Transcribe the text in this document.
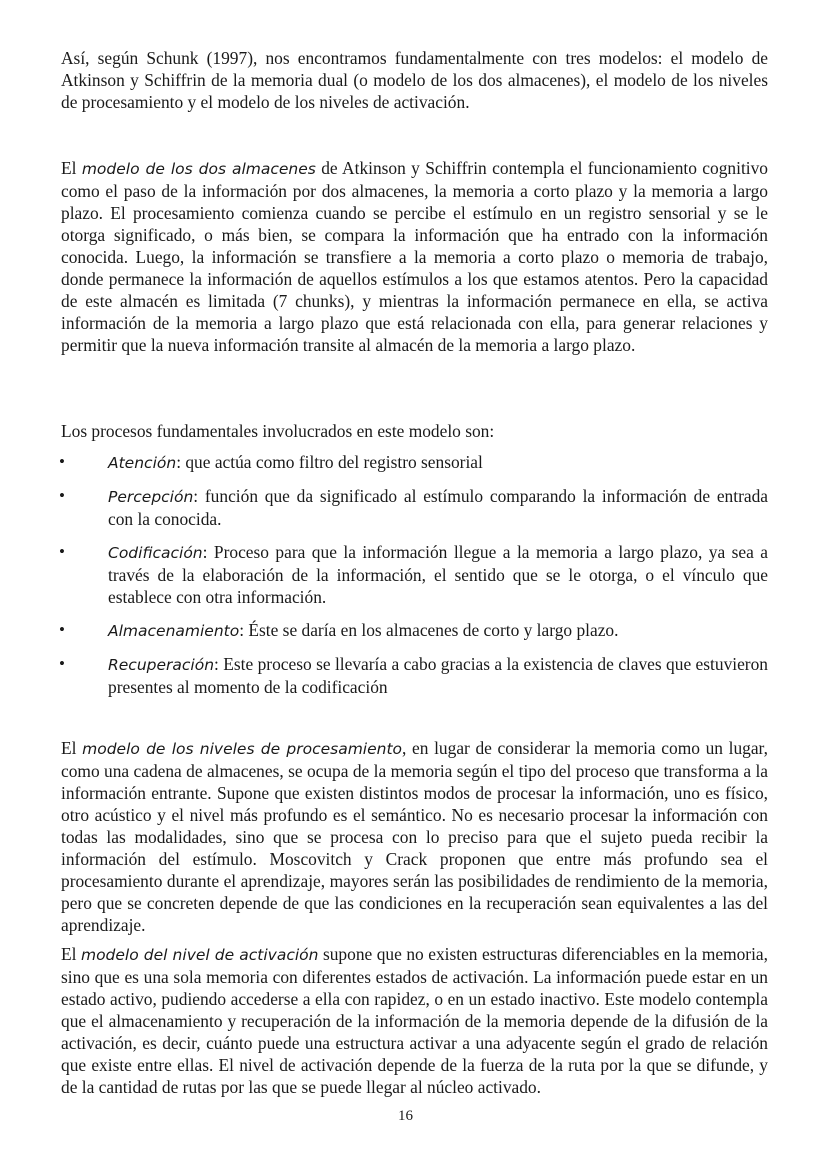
Así, según Schunk (1997), nos encontramos fundamentalmente con tres modelos: el modelo de Atkinson y Schiffrin de la memoria dual (o modelo de los dos almacenes), el modelo de los niveles de procesamiento y el modelo de los niveles de activación.

El modelo de los dos almacenes de Atkinson y Schiffrin contempla el funcionamiento cognitivo como el paso de la información por dos almacenes, la memoria a corto plazo y la memoria a largo plazo. El procesamiento comienza cuando se percibe el estímulo en un registro sensorial y se le otorga significado, o más bien, se compara la información que ha entrado con la información conocida. Luego, la información se transfiere a la memoria a corto plazo o memoria de trabajo, donde permanece la información de aquellos estímulos a los que estamos atentos. Pero la capacidad de este almacén es limitada (7 chunks), y mientras la información permanece en ella, se activa información de la memoria a largo plazo que está relacionada con ella, para generar relaciones y permitir que la nueva información transite al almacén de la memoria a largo plazo.

Los procesos fundamentales involucrados en este modelo son:

•	Atención: que actúa como filtro del registro sensorial
•	Percepción: función que da significado al estímulo comparando la información de entrada con la conocida.
•	Codificación: Proceso para que la información llegue a la memoria a largo plazo, ya sea a través de la elaboración de la información, el sentido que se le otorga, o el vínculo que establece con otra información.
•	Almacenamiento: Éste se daría en los almacenes de corto y largo plazo.
•	Recuperación: Este proceso se llevaría a cabo gracias a la existencia de claves que estuvieron presentes al momento de la codificación

El modelo de los niveles de procesamiento, en lugar de considerar la memoria como un lugar, como una cadena de almacenes, se ocupa de la memoria según el tipo del proceso que transforma a la información entrante. Supone que existen distintos modos de procesar la información, uno es físico, otro acústico y el nivel más profundo es el semántico. No es necesario procesar la información con todas las modalidades, sino que se procesa con lo preciso para que el sujeto pueda recibir la información del estímulo. Moscovitch y Crack proponen que entre más profundo sea el procesamiento durante el aprendizaje, mayores serán las posibilidades de rendimiento de la memoria, pero que se concreten depende de que las condiciones en la recuperación sean equivalentes a las del aprendizaje.

El modelo del nivel de activación supone que no existen estructuras diferenciables en la memoria, sino que es una sola memoria con diferentes estados de activación. La información puede estar en un estado activo, pudiendo accederse a ella con rapidez, o en un estado inactivo. Este modelo contempla que el almacenamiento y recuperación de la información de la memoria depende de la difusión de la activación, es decir, cuánto puede una estructura activar a una adyacente según el grado de relación que existe entre ellas. El nivel de activación depende de la fuerza de la ruta por la que se difunde, y de la cantidad de rutas por las que se puede llegar al núcleo activado.

16
